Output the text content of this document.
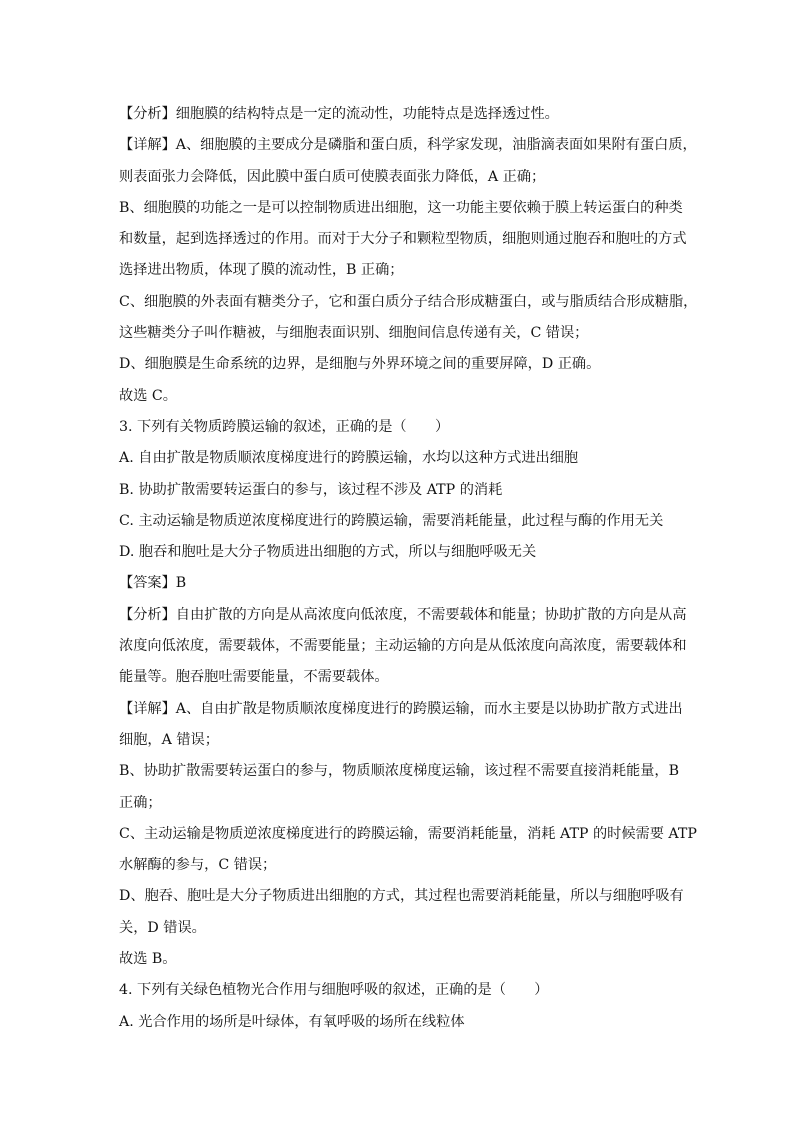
【分析】细胞膜的结构特点是一定的流动性，功能特点是选择透过性。
【详解】A、细胞膜的主要成分是磷脂和蛋白质，科学家发现，油脂滴表面如果附有蛋白质，
则表面张力会降低，因此膜中蛋白质可使膜表面张力降低，A 正确；
B、细胞膜的功能之一是可以控制物质进出细胞，这一功能主要依赖于膜上转运蛋白的种类
和数量，起到选择透过的作用。而对于大分子和颗粒型物质，细胞则通过胞吞和胞吐的方式
选择进出物质，体现了膜的流动性，B 正确；
C、细胞膜的外表面有糖类分子，它和蛋白质分子结合形成糖蛋白，或与脂质结合形成糖脂，
这些糖类分子叫作糖被，与细胞表面识别、细胞间信息传递有关，C 错误；
D、细胞膜是生命系统的边界，是细胞与外界环境之间的重要屏障，D 正确。
故选 C。
3. 下列有关物质跨膜运输的叙述，正确的是（　　）
A. 自由扩散是物质顺浓度梯度进行的跨膜运输，水均以这种方式进出细胞
B. 协助扩散需要转运蛋白的参与，该过程不涉及 ATP 的消耗
C. 主动运输是物质逆浓度梯度进行的跨膜运输，需要消耗能量，此过程与酶的作用无关
D. 胞吞和胞吐是大分子物质进出细胞的方式，所以与细胞呼吸无关
【答案】B
【分析】自由扩散的方向是从高浓度向低浓度，不需要载体和能量；协助扩散的方向是从高
浓度向低浓度，需要载体，不需要能量；主动运输的方向是从低浓度向高浓度，需要载体和
能量等。胞吞胞吐需要能量，不需要载体。
【详解】A、自由扩散是物质顺浓度梯度进行的跨膜运输，而水主要是以协助扩散方式进出
细胞，A 错误；
B、协助扩散需要转运蛋白的参与，物质顺浓度梯度运输，该过程不需要直接消耗能量，B
正确；
C、主动运输是物质逆浓度梯度进行的跨膜运输，需要消耗能量，消耗 ATP 的时候需要 ATP
水解酶的参与，C 错误；
D、胞吞、胞吐是大分子物质进出细胞的方式，其过程也需要消耗能量，所以与细胞呼吸有
关，D 错误。
故选 B。
4. 下列有关绿色植物光合作用与细胞呼吸的叙述，正确的是（　　）
A. 光合作用的场所是叶绿体，有氧呼吸的场所在线粒体
